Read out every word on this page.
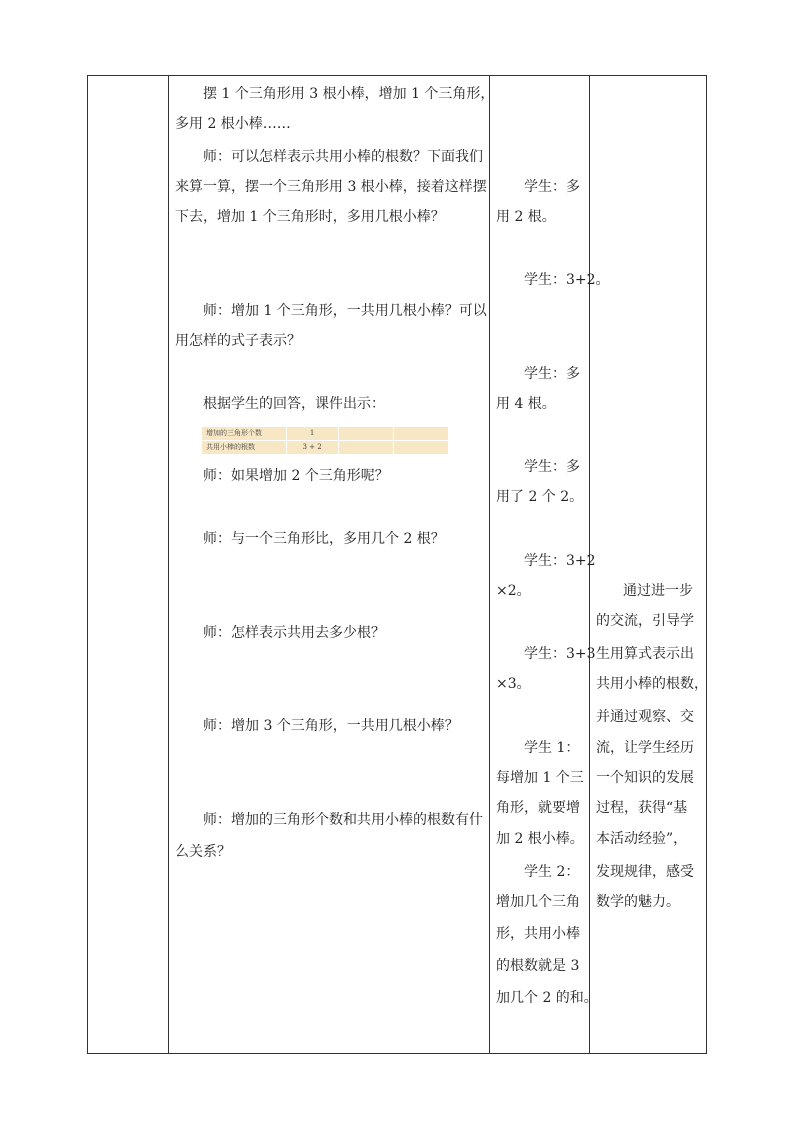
摆 1 个三角形用 3 根小棒，增加 1 个三角形，
多用 2 根小棒……
师：可以怎样表示共用小棒的根数？下面我们
来算一算，摆一个三角形用 3 根小棒，接着这样摆
下去，增加 1 个三角形时，多用几根小棒？
师：增加 1 个三角形，一共用几根小棒？可以
用怎样的式子表示？
根据学生的回答，课件出示：
增加的三角形个数	1		
共用小棒的根数	3 + 2		
师：如果增加 2 个三角形呢？
师：与一个三角形比，多用几个 2 根？
师：怎样表示共用去多少根？
师：增加 3 个三角形，一共用几根小棒？
师：增加的三角形个数和共用小棒的根数有什
么关系？
学生：多
用 2 根。
学生：3+2。
学生：多
用 4 根。
学生：多
用了 2 个 2。
学生：3+2
×2。
学生：3+3
×3。
学生 1：
每增加 1 个三
角形，就要增
加 2 根小棒。
学生 2：
增加几个三角
形，共用小棒
的根数就是 3
加几个 2 的和。
通过进一步
的交流，引导学
生用算式表示出
共用小棒的根数，
并通过观察、交
流，让学生经历
一个知识的发展
过程，获得“基
本活动经验”，
发现规律，感受
数学的魅力。
